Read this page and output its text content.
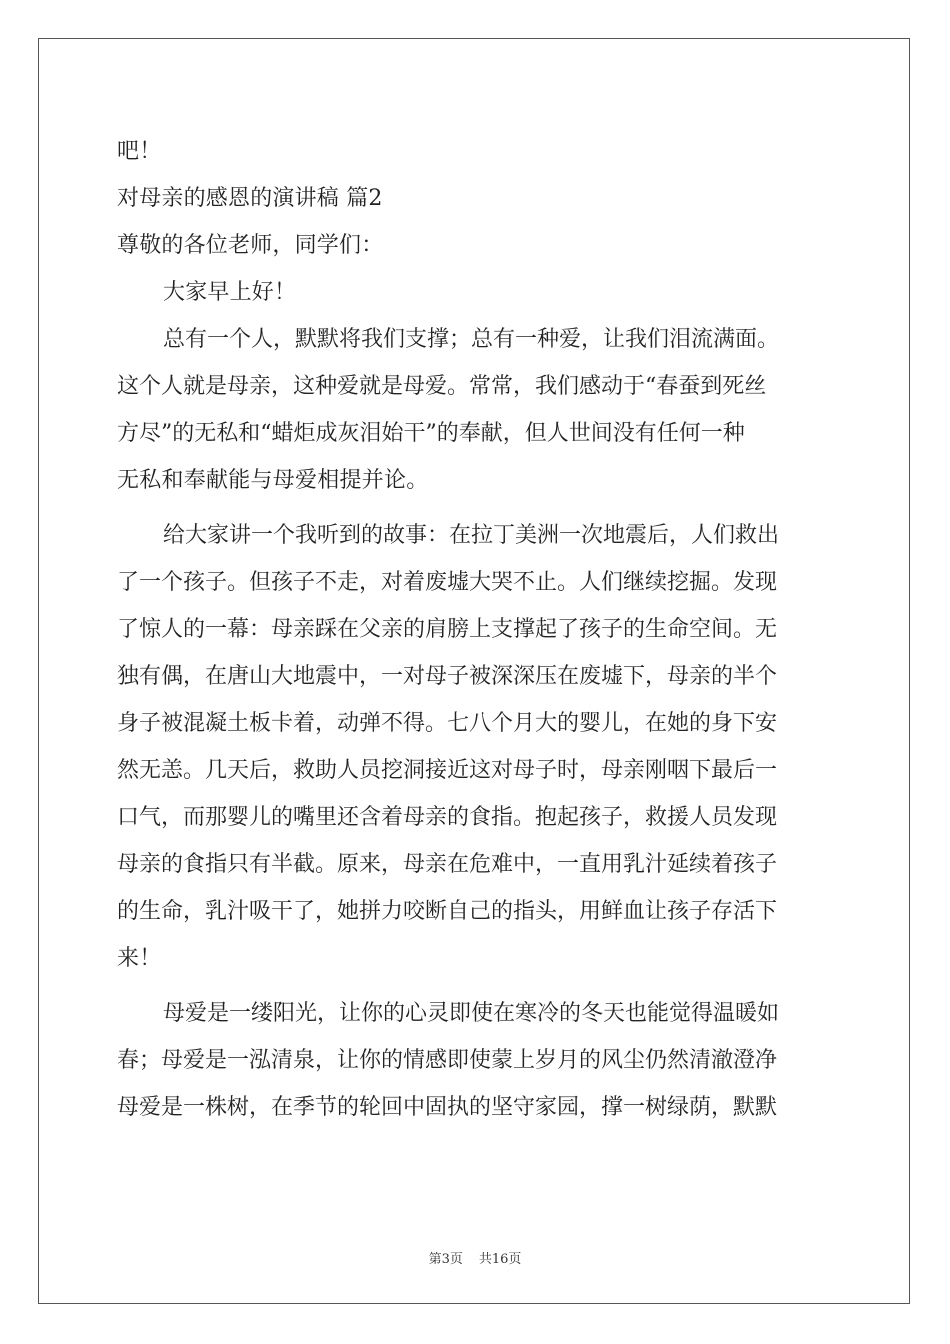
吧！
对母亲的感恩的演讲稿 篇2
尊敬的各位老师，同学们：
大家早上好！
总有一个人，默默将我们支撑；总有一种爱，让我们泪流满面。
这个人就是母亲，这种爱就是母爱。常常，我们感动于“春蚕到死丝
方尽”的无私和“蜡炬成灰泪始干”的奉献，但人世间没有任何一种
无私和奉献能与母爱相提并论。
给大家讲一个我听到的故事：在拉丁美洲一次地震后，人们救出
了一个孩子。但孩子不走，对着废墟大哭不止。人们继续挖掘。发现
了惊人的一幕：母亲踩在父亲的肩膀上支撑起了孩子的生命空间。无
独有偶，在唐山大地震中，一对母子被深深压在废墟下，母亲的半个
身子被混凝土板卡着，动弹不得。七八个月大的婴儿，在她的身下安
然无恙。几天后，救助人员挖洞接近这对母子时，母亲刚咽下最后一
口气，而那婴儿的嘴里还含着母亲的食指。抱起孩子，救援人员发现
母亲的食指只有半截。原来，母亲在危难中，一直用乳汁延续着孩子
的生命，乳汁吸干了，她拼力咬断自己的指头，用鲜血让孩子存活下
来！
母爱是一缕阳光，让你的心灵即使在寒冷的冬天也能觉得温暖如
春；母爱是一泓清泉，让你的情感即使蒙上岁月的风尘仍然清澈澄净
母爱是一株树，在季节的轮回中固执的坚守家园，撑一树绿荫，默默
第3页 共16页
